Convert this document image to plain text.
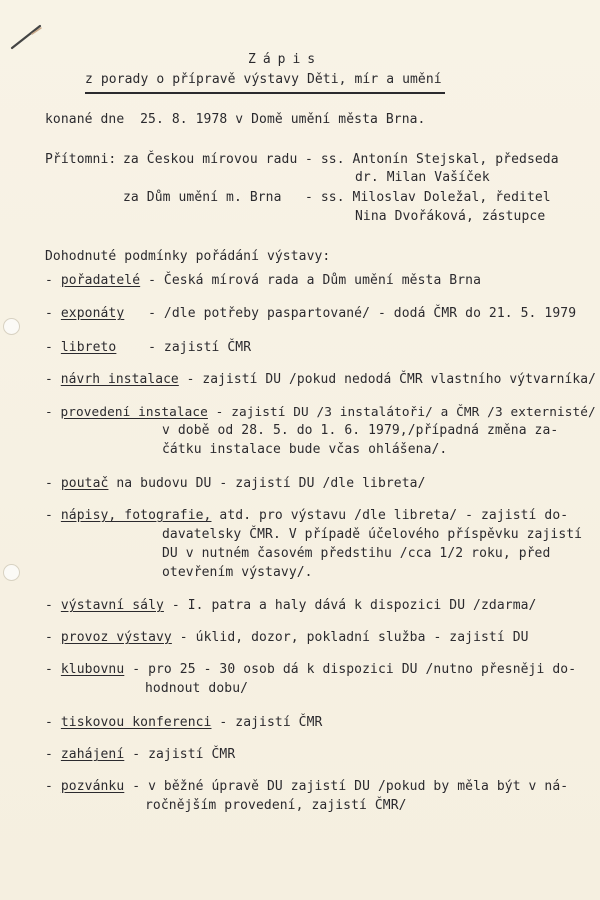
Zápis
z porady o přípravě výstavy Děti, mír a umění
konané dne  25. 8. 1978 v Domě umění města Brna.
Přítomni: za Českou mírovou radu - ss. Antonín Stejskal, předseda
dr. Milan Vašíček
za Dům umění m. Brna - ss. Miloslav Doležal, ředitel
Nina Dvořáková, zástupce
Dohodnuté podmínky pořádání výstavy:
- pořadatelé - Česká mírová rada a Dům umění města Brna
- exponáty   - /dle potřeby paspartované/ - dodá ČMR do 21. 5. 1979
- libreto    - zajistí ČMR
- návrh instalace - zajistí DU /pokud nedodá ČMR vlastního výtvarníka/
- provedení instalace - zajistí DU /3 instalátoři/ a ČMR /3 externisté/
v době od 28. 5. do 1. 6. 1979,/případná změna za-
čátku instalace bude včas ohlášena/.
- poutač na budovu DU - zajistí DU /dle libreta/
- nápisy, fotografie, atd. pro výstavu /dle libreta/ - zajistí do-
davatelsky ČMR. V případě účelového příspěvku zajistí
DU v nutném časovém předstihu /cca 1/2 roku, před
otevřením výstavy/.
- výstavní sály - I. patra a haly dává k dispozici DU /zdarma/
- provoz výstavy - úklid, dozor, pokladní služba - zajistí DU
- klubovnu - pro 25 - 30 osob dá k dispozici DU /nutno přesněji do-
hodnout dobu/
- tiskovou konferenci - zajistí ČMR
- zahájení - zajistí ČMR
- pozvánku - v běžné úpravě DU zajistí DU /pokud by měla být v ná-
ročnějším provedení, zajistí ČMR/
